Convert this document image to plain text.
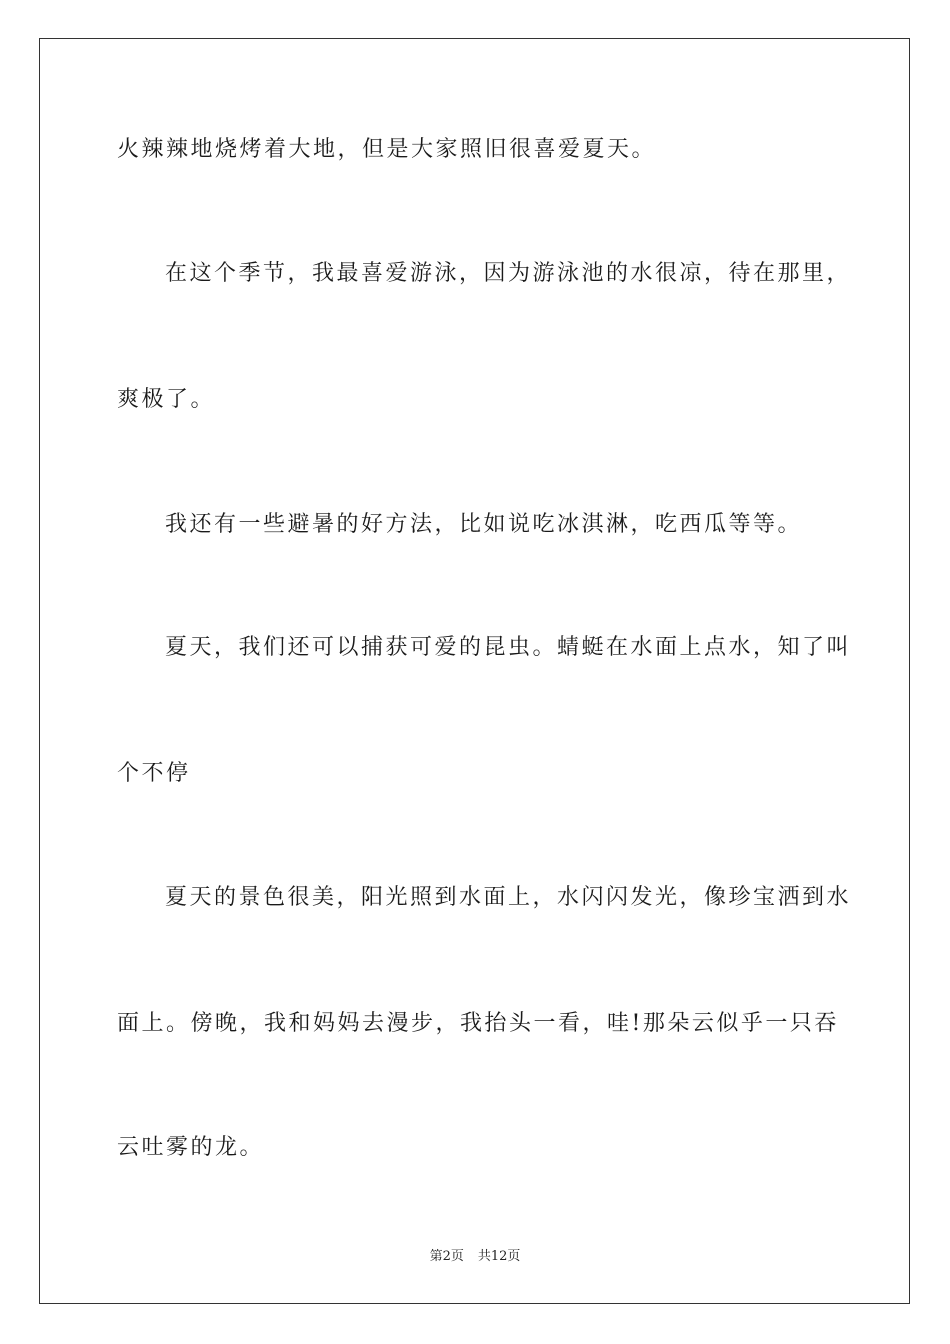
火辣辣地烧烤着大地，但是大家照旧很喜爱夏天。
在这个季节，我最喜爱游泳，因为游泳池的水很凉，待在那里，
爽极了。
我还有一些避暑的好方法，比如说吃冰淇淋，吃西瓜等等。
夏天，我们还可以捕获可爱的昆虫。蜻蜓在水面上点水，知了叫
个不停
夏天的景色很美，阳光照到水面上，水闪闪发光，像珍宝洒到水
面上。傍晚，我和妈妈去漫步，我抬头一看，哇!那朵云似乎一只吞
云吐雾的龙。
第2页 共12页
